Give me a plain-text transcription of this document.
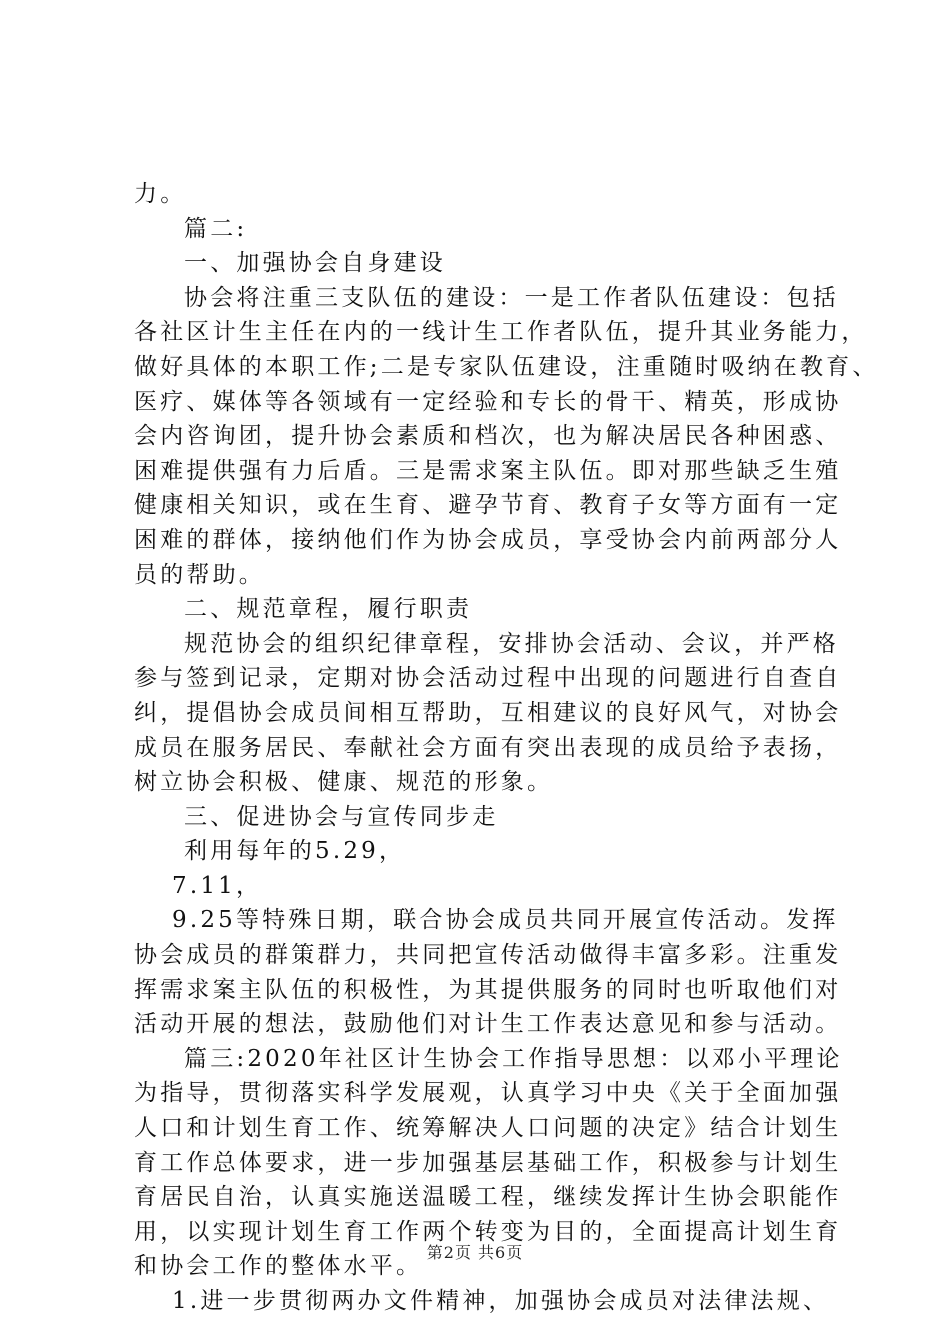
力。
篇二:
一、加强协会自身建设
协会将注重三支队伍的建设：一是工作者队伍建设：包括
各社区计生主任在内的一线计生工作者队伍，提升其业务能力，
做好具体的本职工作;二是专家队伍建设，注重随时吸纳在教育、
医疗、媒体等各领域有一定经验和专长的骨干、精英，形成协
会内咨询团，提升协会素质和档次，也为解决居民各种困惑、
困难提供强有力后盾。三是需求案主队伍。即对那些缺乏生殖
健康相关知识，或在生育、避孕节育、教育子女等方面有一定
困难的群体，接纳他们作为协会成员，享受协会内前两部分人
员的帮助。
二、规范章程，履行职责
规范协会的组织纪律章程，安排协会活动、会议，并严格
参与签到记录，定期对协会活动过程中出现的问题进行自查自
纠，提倡协会成员间相互帮助，互相建议的良好风气，对协会
成员在服务居民、奉献社会方面有突出表现的成员给予表扬，
树立协会积极、健康、规范的形象。
三、促进协会与宣传同步走
利用每年的5.29，
7.11，
9.25等特殊日期，联合协会成员共同开展宣传活动。发挥
协会成员的群策群力，共同把宣传活动做得丰富多彩。注重发
挥需求案主队伍的积极性，为其提供服务的同时也听取他们对
活动开展的想法，鼓励他们对计生工作表达意见和参与活动。
篇三:2020年社区计生协会工作指导思想：以邓小平理论
为指导，贯彻落实科学发展观，认真学习中央《关于全面加强
人口和计划生育工作、统筹解决人口问题的决定》结合计划生
育工作总体要求，进一步加强基层基础工作，积极参与计划生
育居民自治，认真实施送温暖工程，继续发挥计生协会职能作
用，以实现计划生育工作两个转变为目的，全面提高计划生育
和协会工作的整体水平。
1.进一步贯彻两办文件精神，加强协会成员对法律法规、
第2页 共6页
